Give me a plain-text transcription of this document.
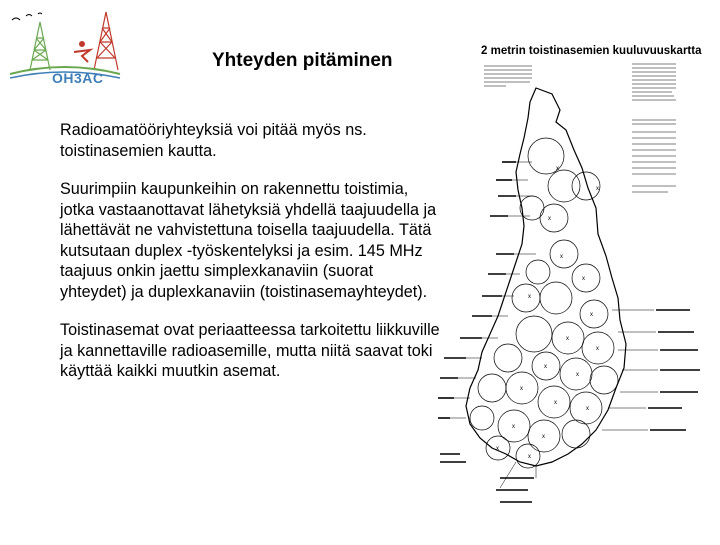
OH3AC
Yhteyden pitäminen

Radioamatööriyhteyksiä voi pitää myös ns. toistinasemien kautta.

Suurimpiin kaupunkeihin on rakennettu toistimia, jotka vastaanottavat lähetyksiä yhdellä taajuudella ja lähettävät ne vahvistettuna toisella taajuudella. Tätä kutsutaan duplex -työskentelyksi ja esim. 145 MHz taajuus onkin jaettu simplexkanaviin (suorat yhteydet) ja duplexkanaviin (toistinasemayhteydet).

Toistinasemat ovat periaatteessa tarkoitettu liikkuville ja kannettaville radioasemille, mutta niitä saavat toki käyttää kaikki muutkin asemat.

2 metrin toistinasemien kuuluvuuskartta
x
x
x
x
x
x
x
x
x
x
x
x
x
x
x
x
x
x
